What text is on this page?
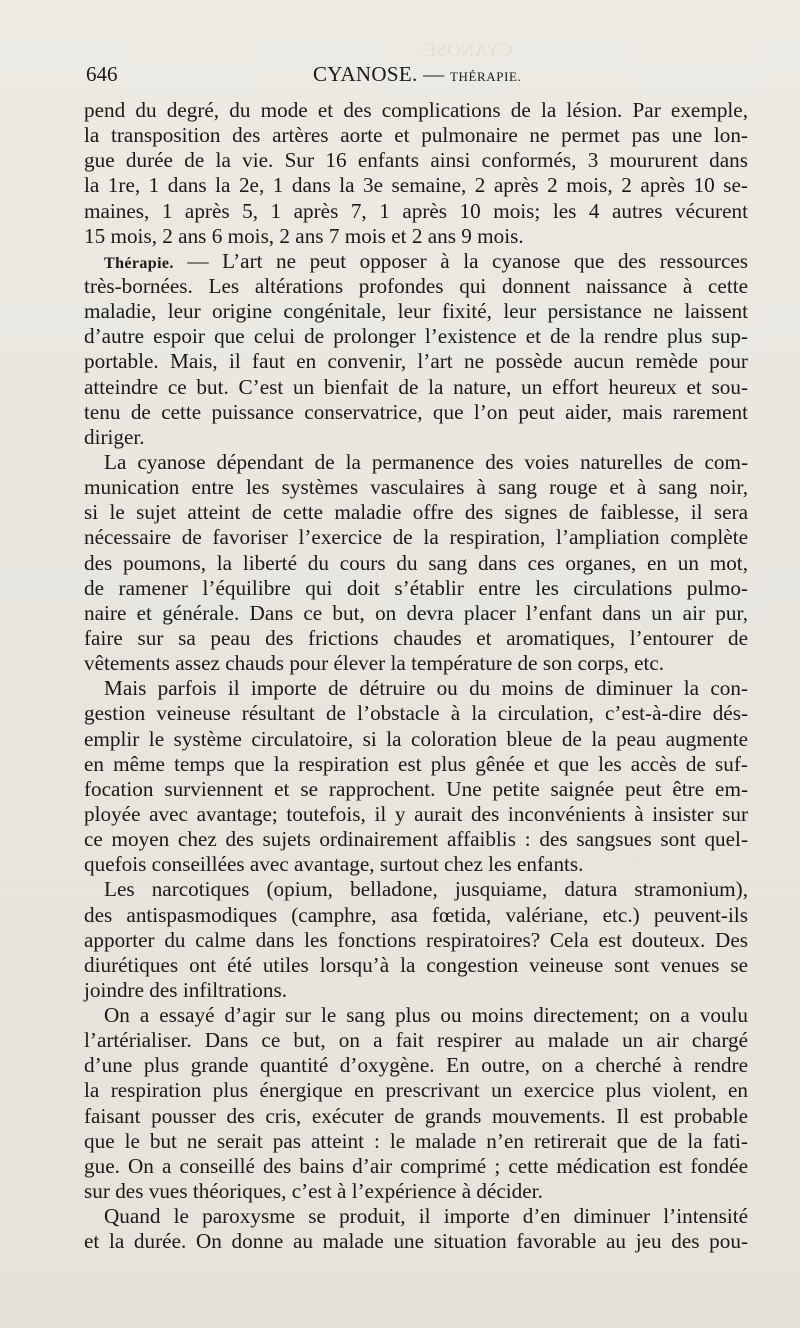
CYANOSE.
646	CYANOSE. — THÉRAPIE.
pend du degré, du mode et des complications de la lésion. Par exemple,
la transposition des artères aorte et pulmonaire ne permet pas une lon-
gue durée de la vie. Sur 16 enfants ainsi conformés, 3 moururent dans
la 1re, 1 dans la 2e, 1 dans la 3e semaine, 2 après 2 mois, 2 après 10 se-
maines, 1 après 5, 1 après 7, 1 après 10 mois; les 4 autres vécurent
15 mois, 2 ans 6 mois, 2 ans 7 mois et 2 ans 9 mois.
Thérapie. — L’art ne peut opposer à la cyanose que des ressources
très-bornées. Les altérations profondes qui donnent naissance à cette
maladie, leur origine congénitale, leur fixité, leur persistance ne laissent
d’autre espoir que celui de prolonger l’existence et de la rendre plus sup-
portable. Mais, il faut en convenir, l’art ne possède aucun remède pour
atteindre ce but. C’est un bienfait de la nature, un effort heureux et sou-
tenu de cette puissance conservatrice, que l’on peut aider, mais rarement
diriger.
La cyanose dépendant de la permanence des voies naturelles de com-
munication entre les systèmes vasculaires à sang rouge et à sang noir,
si le sujet atteint de cette maladie offre des signes de faiblesse, il sera
nécessaire de favoriser l’exercice de la respiration, l’ampliation complète
des poumons, la liberté du cours du sang dans ces organes, en un mot,
de ramener l’équilibre qui doit s’établir entre les circulations pulmo-
naire et générale. Dans ce but, on devra placer l’enfant dans un air pur,
faire sur sa peau des frictions chaudes et aromatiques, l’entourer de
vêtements assez chauds pour élever la température de son corps, etc.
Mais parfois il importe de détruire ou du moins de diminuer la con-
gestion veineuse résultant de l’obstacle à la circulation, c’est-à-dire dés-
emplir le système circulatoire, si la coloration bleue de la peau augmente
en même temps que la respiration est plus gênée et que les accès de suf-
focation surviennent et se rapprochent. Une petite saignée peut être em-
ployée avec avantage; toutefois, il y aurait des inconvénients à insister sur
ce moyen chez des sujets ordinairement affaiblis : des sangsues sont quel-
quefois conseillées avec avantage, surtout chez les enfants.
Les narcotiques (opium, belladone, jusquiame, datura stramonium),
des antispasmodiques (camphre, asa fœtida, valériane, etc.) peuvent-ils
apporter du calme dans les fonctions respiratoires? Cela est douteux. Des
diurétiques ont été utiles lorsqu’à la congestion veineuse sont venues se
joindre des infiltrations.
On a essayé d’agir sur le sang plus ou moins directement; on a voulu
l’artérialiser. Dans ce but, on a fait respirer au malade un air chargé
d’une plus grande quantité d’oxygène. En outre, on a cherché à rendre
la respiration plus énergique en prescrivant un exercice plus violent, en
faisant pousser des cris, exécuter de grands mouvements. Il est probable
que le but ne serait pas atteint : le malade n’en retirerait que de la fati-
gue. On a conseillé des bains d’air comprimé ; cette médication est fondée
sur des vues théoriques, c’est à l’expérience à décider.
Quand le paroxysme se produit, il importe d’en diminuer l’intensité
et la durée. On donne au malade une situation favorable au jeu des pou-
